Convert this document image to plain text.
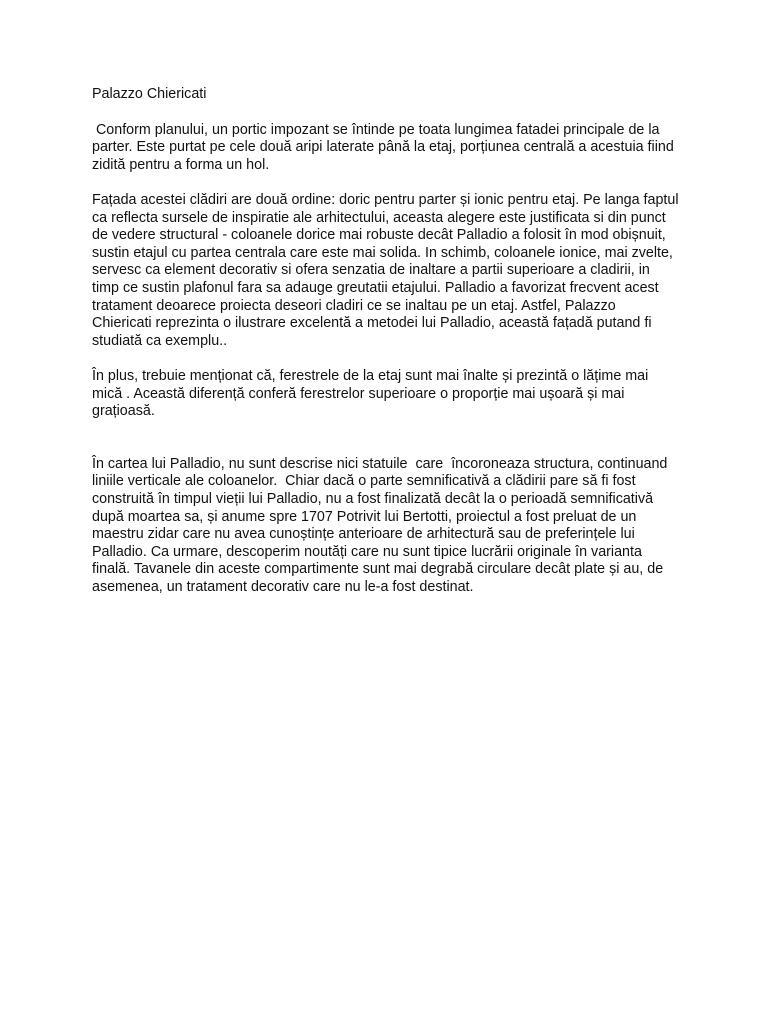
Palazzo Chiericati
Conform planului, un portic impozant se întinde pe toata lungimea fatadei principale de la
parter. Este purtat pe cele două aripi laterate până la etaj, porțiunea centrală a acestuia fiind
zidită pentru a forma un hol.
Fațada acestei clădiri are două ordine: doric pentru parter și ionic pentru etaj. Pe langa faptul
ca reflecta sursele de inspiratie ale arhitectului, aceasta alegere este justificata si din punct
de vedere structural - coloanele dorice mai robuste decât Palladio a folosit în mod obișnuit,
sustin etajul cu partea centrala care este mai solida. In schimb, coloanele ionice, mai zvelte,
servesc ca element decorativ si ofera senzatia de inaltare a partii superioare a cladirii, in
timp ce sustin plafonul fara sa adauge greutatii etajului. Palladio a favorizat frecvent acest
tratament deoarece proiecta deseori cladiri ce se inaltau pe un etaj. Astfel, Palazzo
Chiericati reprezinta o ilustrare excelentă a metodei lui Palladio, această fațadă putand fi
studiată ca exemplu..
În plus, trebuie menționat că, ferestrele de la etaj sunt mai înalte și prezintă o lățime mai
mică . Această diferență conferă ferestrelor superioare o proporție mai ușoară și mai
grațioasă.
În cartea lui Palladio, nu sunt descrise nici statuile  care  încoroneaza structura, continuand
liniile verticale ale coloanelor.  Chiar dacă o parte semnificativă a clădirii pare să fi fost
construită în timpul vieții lui Palladio, nu a fost finalizată decât la o perioadă semnificativă
după moartea sa, și anume spre 1707 Potrivit lui Bertotti, proiectul a fost preluat de un
maestru zidar care nu avea cunoștințe anterioare de arhitectură sau de preferințele lui
Palladio. Ca urmare, descoperim noutăți care nu sunt tipice lucrării originale în varianta
finală. Tavanele din aceste compartimente sunt mai degrabă circulare decât plate și au, de
asemenea, un tratament decorativ care nu le-a fost destinat.
